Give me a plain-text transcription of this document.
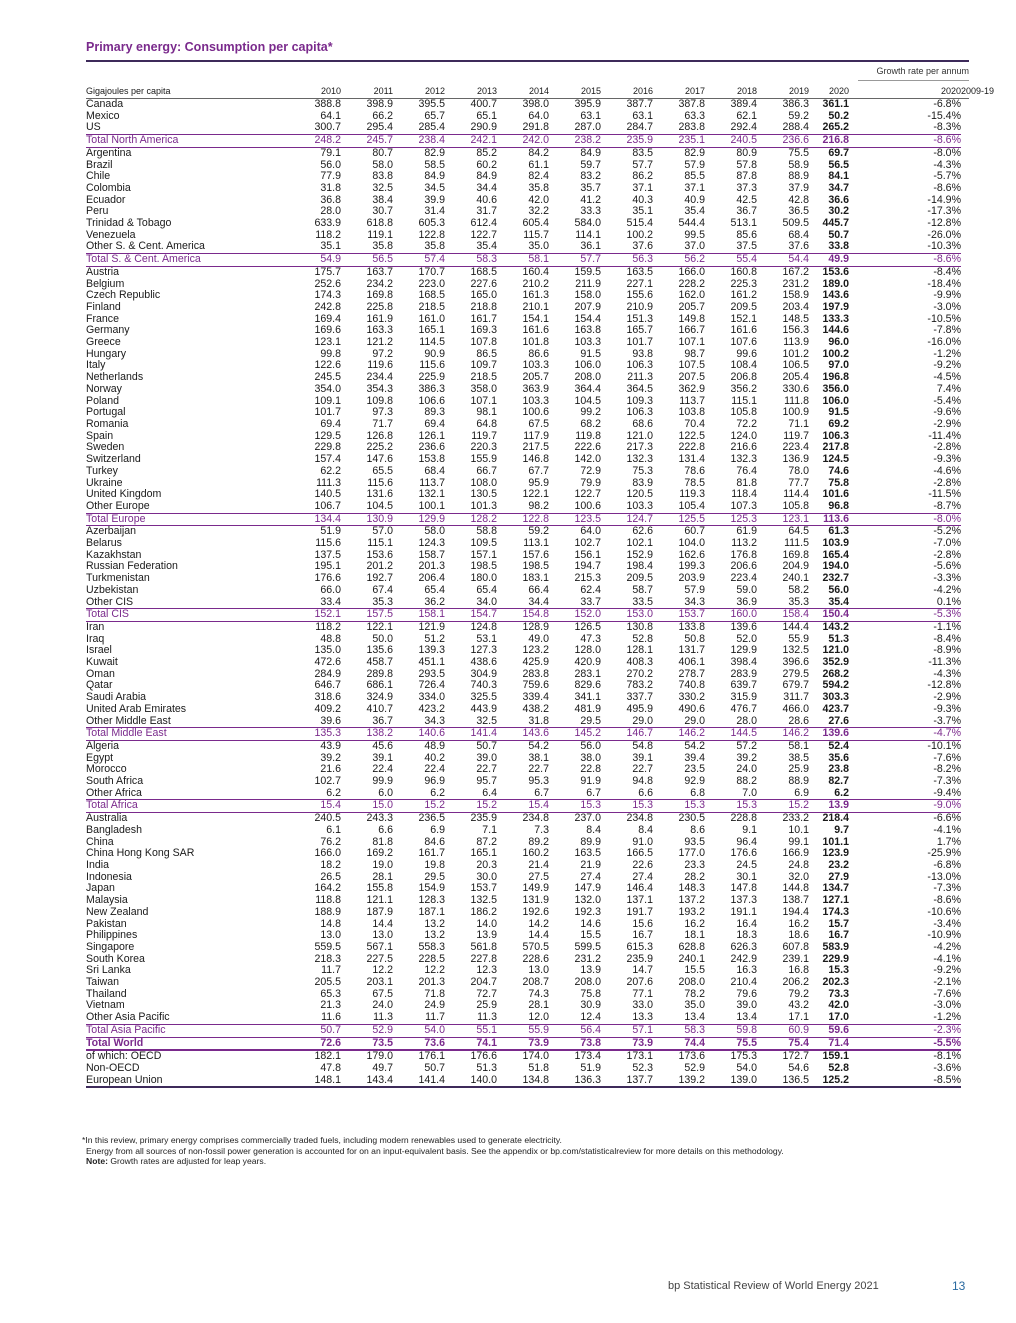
Primary energy: Consumption per capita*
Growth rate per annum
Gigajoules per capita	2010	2011	2012	2013	2014	2015	2016	2017	2018	2019	2020		2020	2009-19
Canada	388.8	398.9	395.5	400.7	398.0	395.9	387.7	387.8	389.4	386.3	361.1		-6.8%	
Mexico	64.1	66.2	65.7	65.1	64.0	63.1	63.1	63.3	62.1	59.2	50.2		-15.4%	
US	300.7	295.4	285.4	290.9	291.8	287.0	284.7	283.8	292.4	288.4	265.2		-8.3%	
Total North America	248.2	245.7	238.4	242.1	242.0	238.2	235.9	235.1	240.5	236.6	216.8		-8.6%	
Argentina	79.1	80.7	82.9	85.2	84.2	84.9	83.5	82.9	80.9	75.5	69.7		-8.0%	
Brazil	56.0	58.0	58.5	60.2	61.1	59.7	57.7	57.9	57.8	58.9	56.5		-4.3%	
Chile	77.9	83.8	84.9	84.9	82.4	83.2	86.2	85.5	87.8	88.9	84.1		-5.7%	
Colombia	31.8	32.5	34.5	34.4	35.8	35.7	37.1	37.1	37.3	37.9	34.7		-8.6%	
Ecuador	36.8	38.4	39.9	40.6	42.0	41.2	40.3	40.9	42.5	42.8	36.6		-14.9%	
Peru	28.0	30.7	31.4	31.7	32.2	33.3	35.1	35.4	36.7	36.5	30.2		-17.3%	
Trinidad & Tobago	633.9	618.8	605.3	612.4	605.4	584.0	515.4	544.4	513.1	509.5	445.7		-12.8%	
Venezuela	118.2	119.1	122.8	122.7	115.7	114.1	100.2	99.5	85.6	68.4	50.7		-26.0%	
Other S. & Cent. America	35.1	35.8	35.8	35.4	35.0	36.1	37.6	37.0	37.5	37.6	33.8		-10.3%	
Total S. & Cent. America	54.9	56.5	57.4	58.3	58.1	57.7	56.3	56.2	55.4	54.4	49.9		-8.6%	
Austria	175.7	163.7	170.7	168.5	160.4	159.5	163.5	166.0	160.8	167.2	153.6		-8.4%	
Belgium	252.6	234.2	223.0	227.6	210.2	211.9	227.1	228.2	225.3	231.2	189.0		-18.4%	
Czech Republic	174.3	169.8	168.5	165.0	161.3	158.0	155.6	162.0	161.2	158.9	143.6		-9.9%	
Finland	242.8	225.8	218.5	218.8	210.1	207.9	210.9	205.7	209.5	203.4	197.9		-3.0%	
France	169.4	161.9	161.0	161.7	154.1	154.4	151.3	149.8	152.1	148.5	133.3		-10.5%	
Germany	169.6	163.3	165.1	169.3	161.6	163.8	165.7	166.7	161.6	156.3	144.6		-7.8%	
Greece	123.1	121.2	114.5	107.8	101.8	103.3	101.7	107.1	107.6	113.9	96.0		-16.0%	
Hungary	99.8	97.2	90.9	86.5	86.6	91.5	93.8	98.7	99.6	101.2	100.2		-1.2%	
Italy	122.6	119.6	115.6	109.7	103.3	106.0	106.3	107.5	108.4	106.5	97.0		-9.2%	
Netherlands	245.5	234.4	225.9	218.5	205.7	208.0	211.3	207.5	206.8	205.4	196.8		-4.5%	
Norway	354.0	354.3	386.3	358.0	363.9	364.4	364.5	362.9	356.2	330.6	356.0		7.4%	
Poland	109.1	109.8	106.6	107.1	103.3	104.5	109.3	113.7	115.1	111.8	106.0		-5.4%	
Portugal	101.7	97.3	89.3	98.1	100.6	99.2	106.3	103.8	105.8	100.9	91.5		-9.6%	
Romania	69.4	71.7	69.4	64.8	67.5	68.2	68.6	70.4	72.2	71.1	69.2		-2.9%	
Spain	129.5	126.8	126.1	119.7	117.9	119.8	121.0	122.5	124.0	119.7	106.3		-11.4%	
Sweden	229.8	225.2	236.6	220.3	217.5	222.6	217.3	222.8	216.6	223.4	217.8		-2.8%	
Switzerland	157.4	147.6	153.8	155.9	146.8	142.0	132.3	131.4	132.3	136.9	124.5		-9.3%	
Turkey	62.2	65.5	68.4	66.7	67.7	72.9	75.3	78.6	76.4	78.0	74.6		-4.6%	
Ukraine	111.3	115.6	113.7	108.0	95.9	79.9	83.9	78.5	81.8	77.7	75.8		-2.8%	
United Kingdom	140.5	131.6	132.1	130.5	122.1	122.7	120.5	119.3	118.4	114.4	101.6		-11.5%	
Other Europe	106.7	104.5	100.1	101.3	98.2	100.6	103.3	105.4	107.3	105.8	96.8		-8.7%	
Total Europe	134.4	130.9	129.9	128.2	122.8	123.5	124.7	125.5	125.3	123.1	113.6		-8.0%	
Azerbaijan	51.9	57.0	58.0	58.8	59.2	64.0	62.6	60.7	61.9	64.5	61.3		-5.2%	
Belarus	115.6	115.1	124.3	109.5	113.1	102.7	102.1	104.0	113.2	111.5	103.9		-7.0%	
Kazakhstan	137.5	153.6	158.7	157.1	157.6	156.1	152.9	162.6	176.8	169.8	165.4		-2.8%	
Russian Federation	195.1	201.2	201.3	198.5	198.5	194.7	198.4	199.3	206.6	204.9	194.0		-5.6%	
Turkmenistan	176.6	192.7	206.4	180.0	183.1	215.3	209.5	203.9	223.4	240.1	232.7		-3.3%	
Uzbekistan	66.0	67.4	65.4	65.4	66.4	62.4	58.7	57.9	59.0	58.2	56.0		-4.2%	
Other CIS	33.4	35.3	36.2	34.0	34.4	33.7	33.5	34.3	36.9	35.3	35.4		0.1%	
Total CIS	152.1	157.5	158.1	154.7	154.8	152.0	153.0	153.7	160.0	158.4	150.4		-5.3%	
Iran	118.2	122.1	121.9	124.8	128.9	126.5	130.8	133.8	139.6	144.4	143.2		-1.1%	
Iraq	48.8	50.0	51.2	53.1	49.0	47.3	52.8	50.8	52.0	55.9	51.3		-8.4%	
Israel	135.0	135.6	139.3	127.3	123.2	128.0	128.1	131.7	129.9	132.5	121.0		-8.9%	
Kuwait	472.6	458.7	451.1	438.6	425.9	420.9	408.3	406.1	398.4	396.6	352.9		-11.3%	
Oman	284.9	289.8	293.5	304.9	283.8	283.1	270.2	278.7	283.9	279.5	268.2		-4.3%	
Qatar	646.7	686.1	726.4	740.3	759.6	829.6	783.2	740.8	639.7	679.7	594.2		-12.8%	
Saudi Arabia	318.6	324.9	334.0	325.5	339.4	341.1	337.7	330.2	315.9	311.7	303.3		-2.9%	
United Arab Emirates	409.2	410.7	423.2	443.9	438.2	481.9	495.9	490.6	476.7	466.0	423.7		-9.3%	
Other Middle East	39.6	36.7	34.3	32.5	31.8	29.5	29.0	29.0	28.0	28.6	27.6		-3.7%	
Total Middle East	135.3	138.2	140.6	141.4	143.6	145.2	146.7	146.2	144.5	146.2	139.6		-4.7%	
Algeria	43.9	45.6	48.9	50.7	54.2	56.0	54.8	54.2	57.2	58.1	52.4		-10.1%	
Egypt	39.2	39.1	40.2	39.0	38.1	38.0	39.1	39.4	39.2	38.5	35.6		-7.6%	
Morocco	21.6	22.4	22.4	22.7	22.7	22.8	22.7	23.5	24.0	25.9	23.8		-8.2%	
South Africa	102.7	99.9	96.9	95.7	95.3	91.9	94.8	92.9	88.2	88.9	82.7		-7.3%	
Other Africa	6.2	6.0	6.2	6.4	6.7	6.7	6.6	6.8	7.0	6.9	6.2		-9.4%	
Total Africa	15.4	15.0	15.2	15.2	15.4	15.3	15.3	15.3	15.3	15.2	13.9		-9.0%	
Australia	240.5	243.3	236.5	235.9	234.8	237.0	234.8	230.5	228.8	233.2	218.4		-6.6%	
Bangladesh	6.1	6.6	6.9	7.1	7.3	8.4	8.4	8.6	9.1	10.1	9.7		-4.1%	
China	76.2	81.8	84.6	87.2	89.2	89.9	91.0	93.5	96.4	99.1	101.1		1.7%	
China Hong Kong SAR	166.0	169.2	161.7	165.1	160.2	163.5	166.5	177.0	176.6	166.9	123.9		-25.9%	
India	18.2	19.0	19.8	20.3	21.4	21.9	22.6	23.3	24.5	24.8	23.2		-6.8%	
Indonesia	26.5	28.1	29.5	30.0	27.5	27.4	27.4	28.2	30.1	32.0	27.9		-13.0%	
Japan	164.2	155.8	154.9	153.7	149.9	147.9	146.4	148.3	147.8	144.8	134.7		-7.3%	
Malaysia	118.8	121.1	128.3	132.5	131.9	132.0	137.1	137.2	137.3	138.7	127.1		-8.6%	
New Zealand	188.9	187.9	187.1	186.2	192.6	192.3	191.7	193.2	191.1	194.4	174.3		-10.6%	
Pakistan	14.8	14.4	13.2	14.0	14.2	14.6	15.6	16.2	16.4	16.2	15.7		-3.4%	
Philippines	13.0	13.0	13.2	13.9	14.4	15.5	16.7	18.1	18.3	18.6	16.7		-10.9%	
Singapore	559.5	567.1	558.3	561.8	570.5	599.5	615.3	628.8	626.3	607.8	583.9		-4.2%	
South Korea	218.3	227.5	228.5	227.8	228.6	231.2	235.9	240.1	242.9	239.1	229.9		-4.1%	
Sri Lanka	11.7	12.2	12.2	12.3	13.0	13.9	14.7	15.5	16.3	16.8	15.3		-9.2%	
Taiwan	205.5	203.1	201.3	204.7	208.7	208.0	207.6	208.0	210.4	206.2	202.3		-2.1%	
Thailand	65.3	67.5	71.8	72.7	74.3	75.8	77.1	78.2	79.6	79.2	73.3		-7.6%	
Vietnam	21.3	24.0	24.9	25.9	28.1	30.9	33.0	35.0	39.0	43.2	42.0		-3.0%	
Other Asia Pacific	11.6	11.3	11.7	11.3	12.0	12.4	13.3	13.4	13.4	17.1	17.0		-1.2%	
Total Asia Pacific	50.7	52.9	54.0	55.1	55.9	56.4	57.1	58.3	59.8	60.9	59.6		-2.3%	
Total World	72.6	73.5	73.6	74.1	73.9	73.8	73.9	74.4	75.5	75.4	71.4		-5.5%	
of which: OECD	182.1	179.0	176.1	176.6	174.0	173.4	173.1	173.6	175.3	172.7	159.1		-8.1%	
Non-OECD	47.8	49.7	50.7	51.3	51.8	51.9	52.3	52.9	54.0	54.6	52.8		-3.6%	
European Union	148.1	143.4	141.4	140.0	134.8	136.3	137.7	139.2	139.0	136.5	125.2		-8.5%	
*In this review, primary energy comprises commercially traded fuels, including modern renewables used to generate electricity.
Energy from all sources of non-fossil power generation is accounted for on an input-equivalent basis. See the appendix or bp.com/statisticalreview for more details on this methodology.
Note: Growth rates are adjusted for leap years.
bp Statistical Review of World Energy 2021	13
